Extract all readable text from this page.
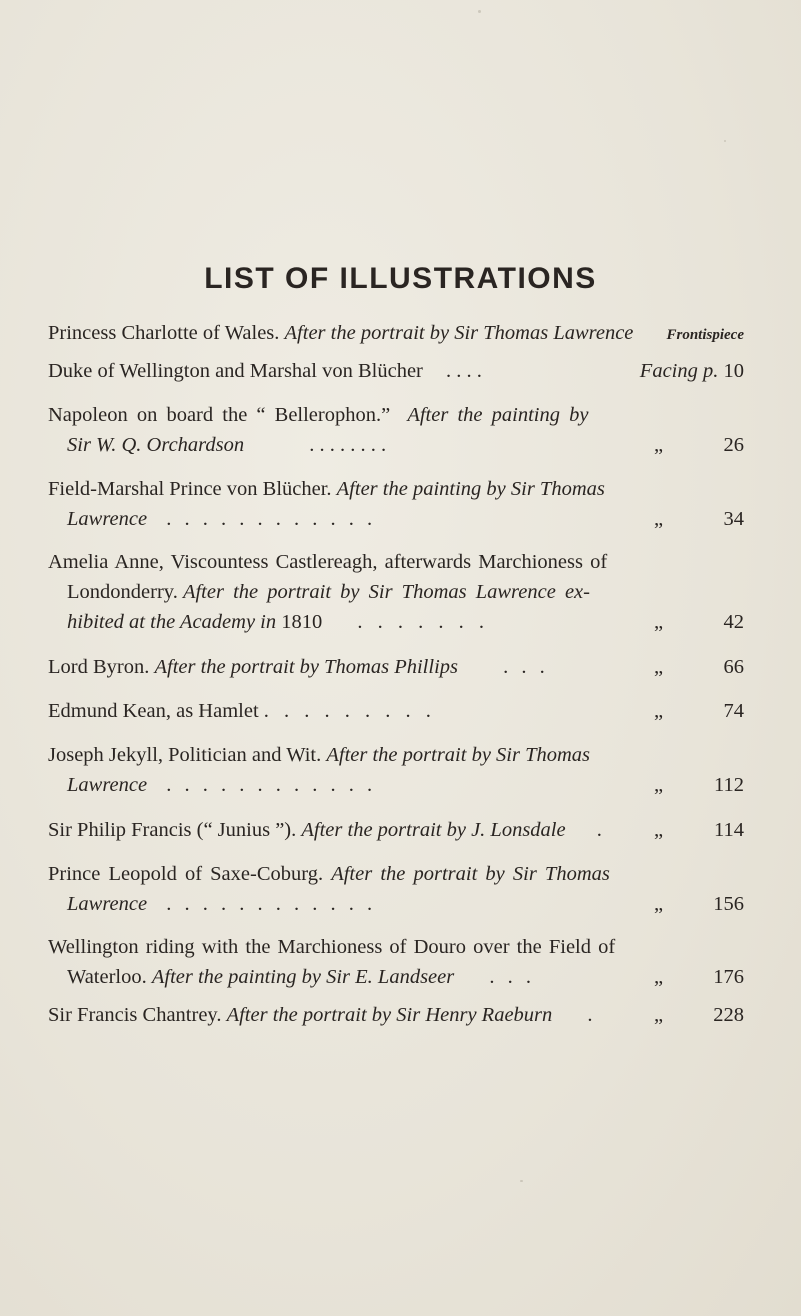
LIST OF ILLUSTRATIONS
Princess Charlotte of Wales. After the portrait by Sir Thomas Lawrence Frontispiece
Duke of Wellington and Marshal von Blücher . . . .	Facing p. 10
Napoleon on board the “ Bellerophon.” After the painting by
Sir W. Q. Orchardson	. . . . . . . .	„	26
Field-Marshal Prince von Blücher. After the painting by Sir Thomas
Lawrence . . . . . . . . . . . .	„	34
Amelia Anne, Viscountess Castlereagh, afterwards Marchioness of
Londonderry. After the portrait by Sir Thomas Lawrence ex-
hibited at the Academy in 1810 . . . . . . .	„	42
Lord Byron. After the portrait by Thomas Phillips . . .	„	66
Edmund Kean, as Hamlet . . . . . . . . .	„	74
Joseph Jekyll, Politician and Wit. After the portrait by Sir Thomas
Lawrence . . . . . . . . . . . .	„ 112
Sir Philip Francis (“ Junius ”). After the portrait by J. Lonsdale .	„ 114
Prince Leopold of Saxe-Coburg. After the portrait by Sir Thomas
Lawrence . . . . . . . . . . . .	„ 156
Wellington riding with the Marchioness of Douro over the Field of
Waterloo. After the painting by Sir E. Landseer . . .	„ 176
Sir Francis Chantrey. After the portrait by Sir Henry Raeburn .	„ 228
